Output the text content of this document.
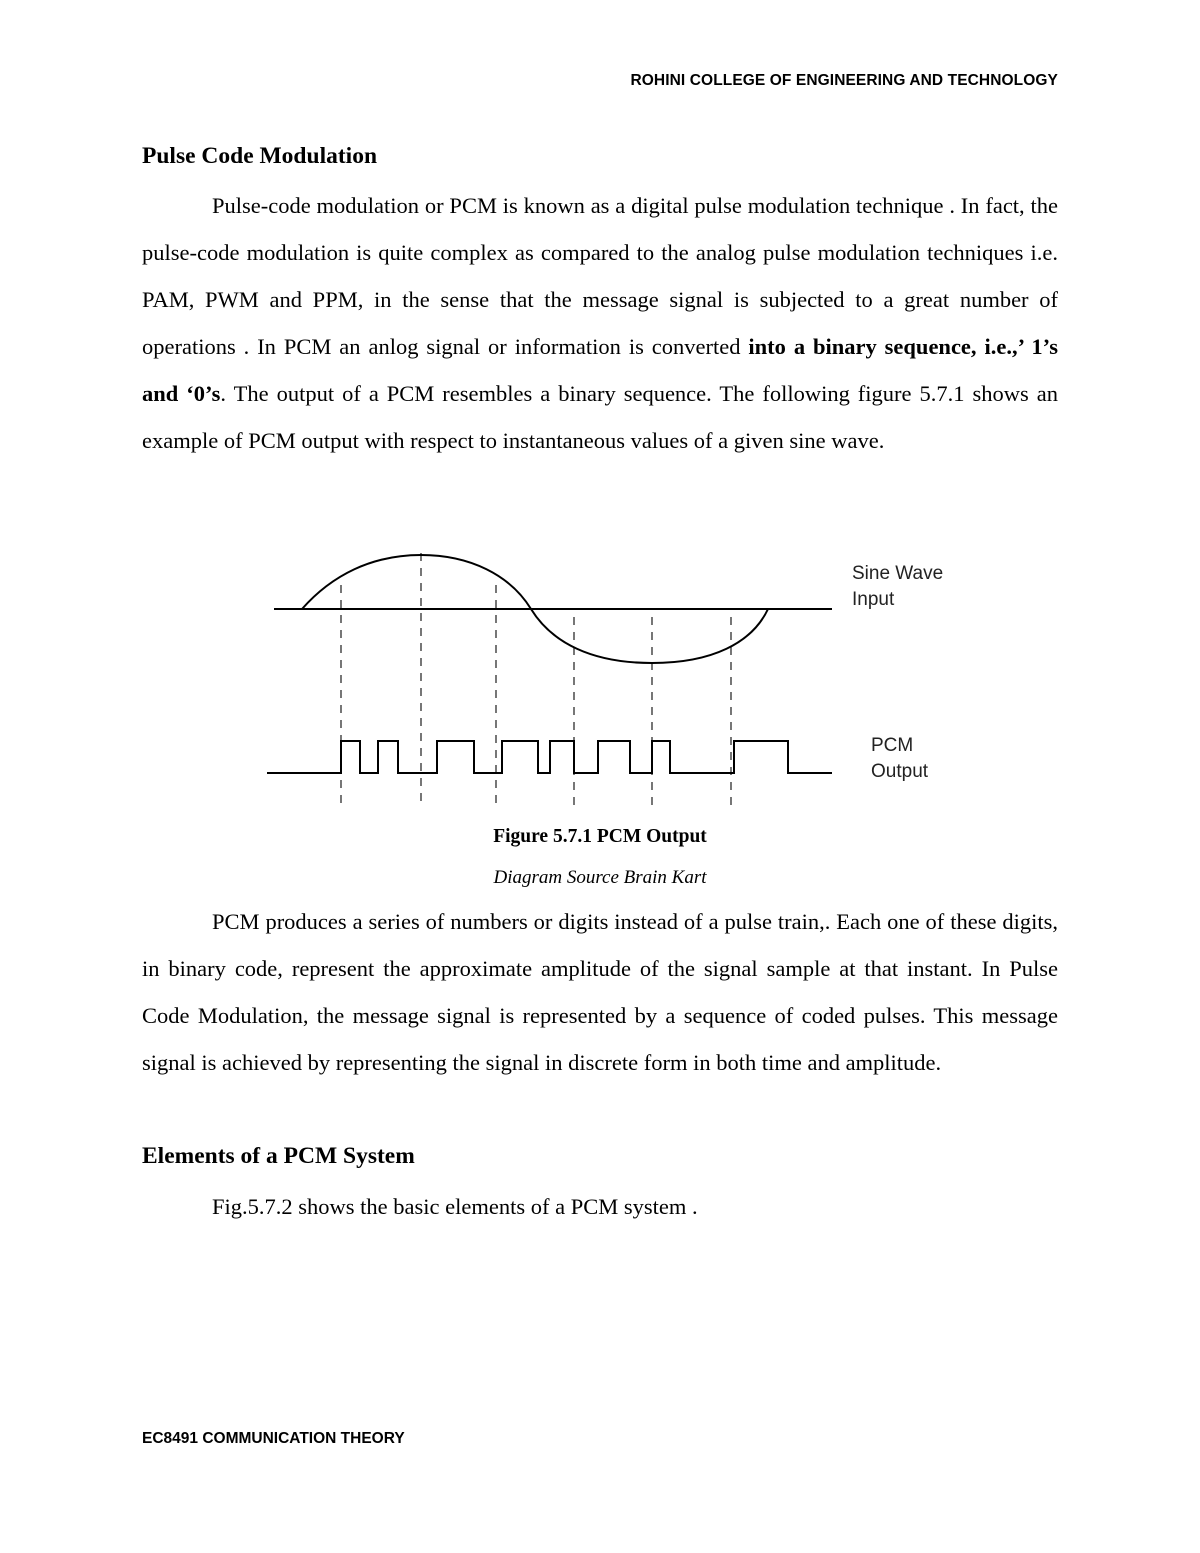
ROHINI COLLEGE OF ENGINEERING AND TECHNOLOGY
Pulse Code Modulation
Pulse-code modulation or PCM is known as a digital pulse modulation technique . In fact, the pulse-code modulation is quite complex as compared to the analog pulse modulation techniques i.e. PAM, PWM and PPM, in the sense that the message signal is subjected to a great number of operations . In PCM an anlog signal or information is converted into a binary sequence, i.e.,’ 1’s and ‘0’s. The output of a PCM resembles a binary sequence. The following figure 5.7.1 shows an example of PCM output with respect to instantaneous values of a given sine wave.
Sine Wave
Input
PCM
Output
Figure 5.7.1 PCM Output
Diagram Source Brain Kart
PCM produces a series of numbers or digits instead of a pulse train,. Each one of these digits, in binary code, represent the approximate amplitude of the signal sample at that instant. In Pulse Code Modulation, the message signal is represented by a sequence of coded pulses. This message signal is achieved by representing the signal in discrete form in both time and amplitude.
Elements of a PCM System
Fig.5.7.2 shows the basic elements of a PCM system .
EC8491 COMMUNICATION THEORY
